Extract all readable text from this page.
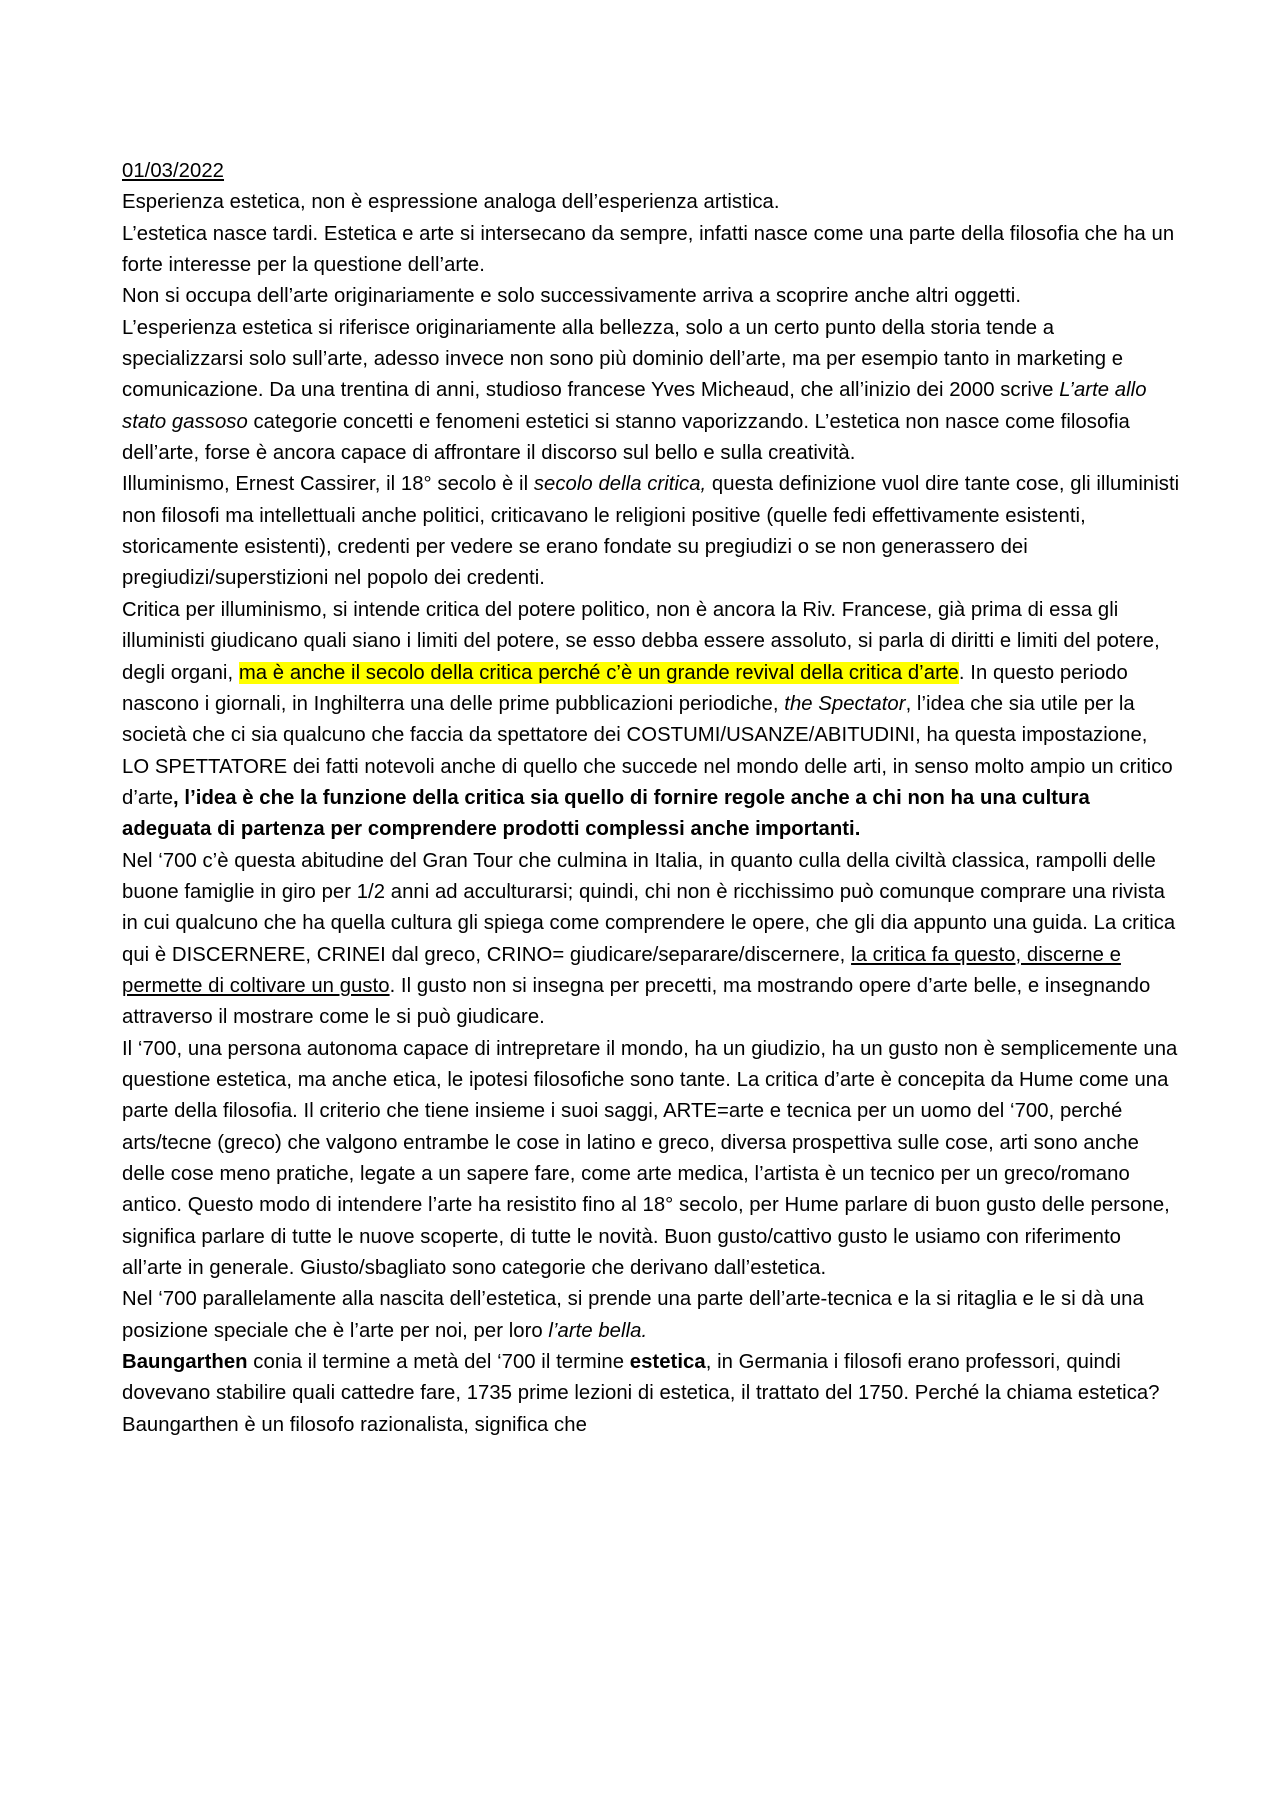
01/03/2022

Esperienza estetica, non è espressione analoga dell’esperienza artistica.

L’estetica nasce tardi. Estetica e arte si intersecano da sempre, infatti nasce come una parte della filosofia che ha un forte interesse per la questione dell’arte.

Non si occupa dell’arte originariamente e solo successivamente arriva a scoprire anche altri oggetti.

L’esperienza estetica si riferisce originariamente alla bellezza, solo a un certo punto della storia tende a specializzarsi solo sull’arte, adesso invece non sono più dominio dell’arte, ma per esempio tanto in marketing e comunicazione. Da una trentina di anni, studioso francese Yves Micheaud, che all’inizio dei 2000 scrive L’arte allo stato gassoso categorie concetti e fenomeni estetici si stanno vaporizzando. L’estetica non nasce come filosofia dell’arte, forse è ancora capace di affrontare il discorso sul bello e sulla creatività.

Illuminismo, Ernest Cassirer, il 18° secolo è il secolo della critica, questa definizione vuol dire tante cose, gli illuministi non filosofi ma intellettuali anche politici, criticavano le religioni positive (quelle fedi effettivamente esistenti, storicamente esistenti), credenti per vedere se erano fondate su pregiudizi o se non generassero dei pregiudizi/superstizioni nel popolo dei credenti.

Critica per illuminismo, si intende critica del potere politico, non è ancora la Riv. Francese, già prima di essa gli illuministi giudicano quali siano i limiti del potere, se esso debba essere assoluto, si parla di diritti e limiti del potere, degli organi, ma è anche il secolo della critica perché c’è un grande revival della critica d’arte. In questo periodo nascono i giornali, in Inghilterra una delle prime pubblicazioni periodiche, the Spectator, l’idea che sia utile per la società che ci sia qualcuno che faccia da spettatore dei COSTUMI/USANZE/ABITUDINI, ha questa impostazione, LO SPETTATORE dei fatti notevoli anche di quello che succede nel mondo delle arti, in senso molto ampio un critico d’arte, l’idea è che la funzione della critica sia quello di fornire regole anche a chi non ha una cultura adeguata di partenza per comprendere prodotti complessi anche importanti.

Nel ‘700 c’è questa abitudine del Gran Tour che culmina in Italia, in quanto culla della civiltà classica, rampolli delle buone famiglie in giro per 1/2 anni ad acculturarsi; quindi, chi non è ricchissimo può comunque comprare una rivista in cui qualcuno che ha quella cultura gli spiega come comprendere le opere, che gli dia appunto una guida. La critica qui è DISCERNERE, CRINEI dal greco, CRINO= giudicare/separare/discernere, la critica fa questo, discerne e permette di coltivare un gusto. Il gusto non si insegna per precetti, ma mostrando opere d’arte belle, e insegnando attraverso il mostrare come le si può giudicare.

Il ‘700, una persona autonoma capace di intrepretare il mondo, ha un giudizio, ha un gusto non è semplicemente una questione estetica, ma anche etica, le ipotesi filosofiche sono tante. La critica d’arte è concepita da Hume come una parte della filosofia. Il criterio che tiene insieme i suoi saggi, ARTE=arte e tecnica per un uomo del ‘700, perché arts/tecne (greco) che valgono entrambe le cose in latino e greco, diversa prospettiva sulle cose, arti sono anche delle cose meno pratiche, legate a un sapere fare, come arte medica, l’artista è un tecnico per un greco/romano antico. Questo modo di intendere l’arte ha resistito fino al 18° secolo, per Hume parlare di buon gusto delle persone, significa parlare di tutte le nuove scoperte, di tutte le novità. Buon gusto/cattivo gusto le usiamo con riferimento all’arte in generale. Giusto/sbagliato sono categorie che derivano dall’estetica.

Nel ‘700 parallelamente alla nascita dell’estetica, si prende una parte dell’arte-tecnica e la si ritaglia e le si dà una posizione speciale che è l’arte per noi, per loro l’arte bella.

Baungarthen conia il termine a metà del ‘700 il termine estetica, in Germania i filosofi erano professori, quindi dovevano stabilire quali cattedre fare, 1735 prime lezioni di estetica, il trattato del 1750. Perché la chiama estetica? Baungarthen è un filosofo razionalista, significa che
